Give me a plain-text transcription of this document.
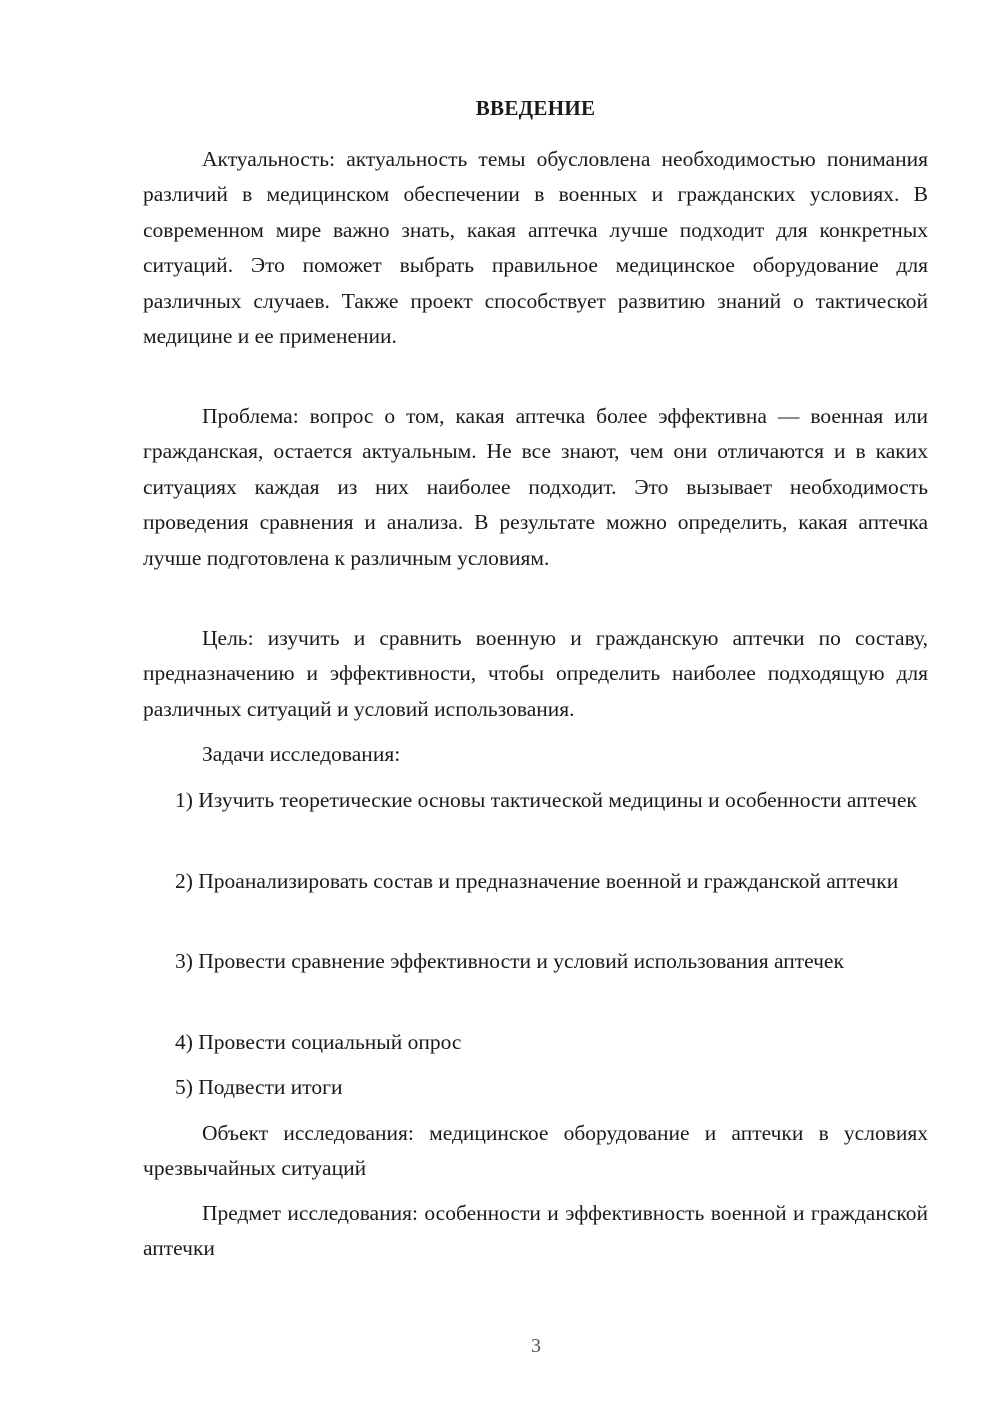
ВВЕДЕНИЕ

Актуальность: актуальность темы обусловлена необходимостью понимания различий в медицинском обеспечении в военных и гражданских условиях. В современном мире важно знать, какая аптечка лучше подходит для конкретных ситуаций. Это поможет выбрать правильное медицинское оборудование для различных случаев. Также проект способствует развитию знаний о тактической медицине и ее применении.

Проблема: вопрос о том, какая аптечка более эффективна — военная или гражданская, остается актуальным. Не все знают, чем они отличаются и в каких ситуациях каждая из них наиболее подходит. Это вызывает необходимость проведения сравнения и анализа. В результате можно определить, какая аптечка лучше подготовлена к различным условиям.

Цель: изучить и сравнить военную и гражданскую аптечки по составу, предназначению и эффективности, чтобы определить наиболее подходящую для различных ситуаций и условий использования.

Задачи исследования:

1) Изучить теоретические основы тактической медицины и особенности аптечек

2) Проанализировать состав и предназначение военной и гражданской аптечки

3) Провести сравнение эффективности и условий использования аптечек

4) Провести социальный опрос

5) Подвести итоги

Объект исследования: медицинское оборудование и аптечки в условиях чрезвычайных ситуаций

Предмет исследования: особенности и эффективность военной и гражданской аптечки

3
